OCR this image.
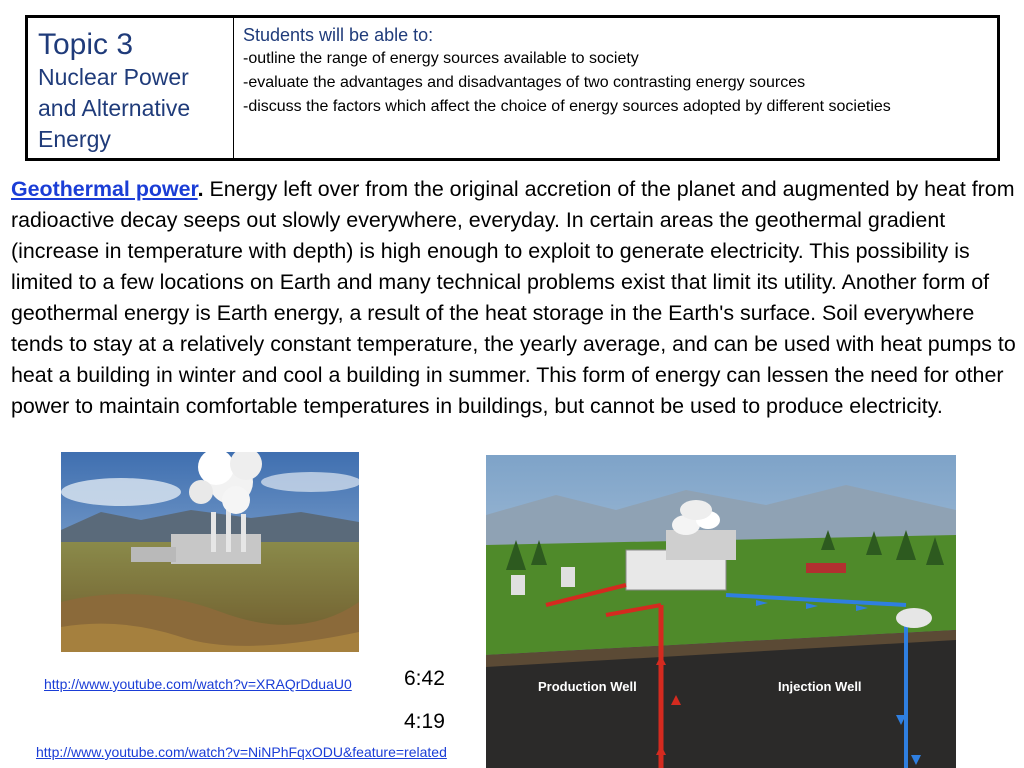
Topic 3
Nuclear Power and Alternative Energy
Students will be able to:
-outline the range of energy sources available to society
-evaluate the advantages and disadvantages of two contrasting energy sources
-discuss the factors which affect the choice of energy sources adopted by different societies

Geothermal power. Energy left over from the original accretion of the planet and augmented by heat from radioactive decay seeps out slowly everywhere, everyday. In certain areas the geothermal gradient (increase in temperature with depth) is high enough to exploit to generate electricity. This possibility is limited to a few locations on Earth and many technical problems exist that limit its utility. Another form of geothermal energy is Earth energy, a result of the heat storage in the Earth's surface. Soil everywhere tends to stay at a relatively constant temperature, the yearly average, and can be used with heat pumps to heat a building in winter and cool a building in summer. This form of energy can lessen the need for other power to maintain comfortable temperatures in buildings, but cannot be used to produce electricity.

Production Well	Injection Well
http://www.youtube.com/watch?v=XRAQrDduaU0	6:42
4:19
http://www.youtube.com/watch?v=NiNPhFqxODU&feature=related
